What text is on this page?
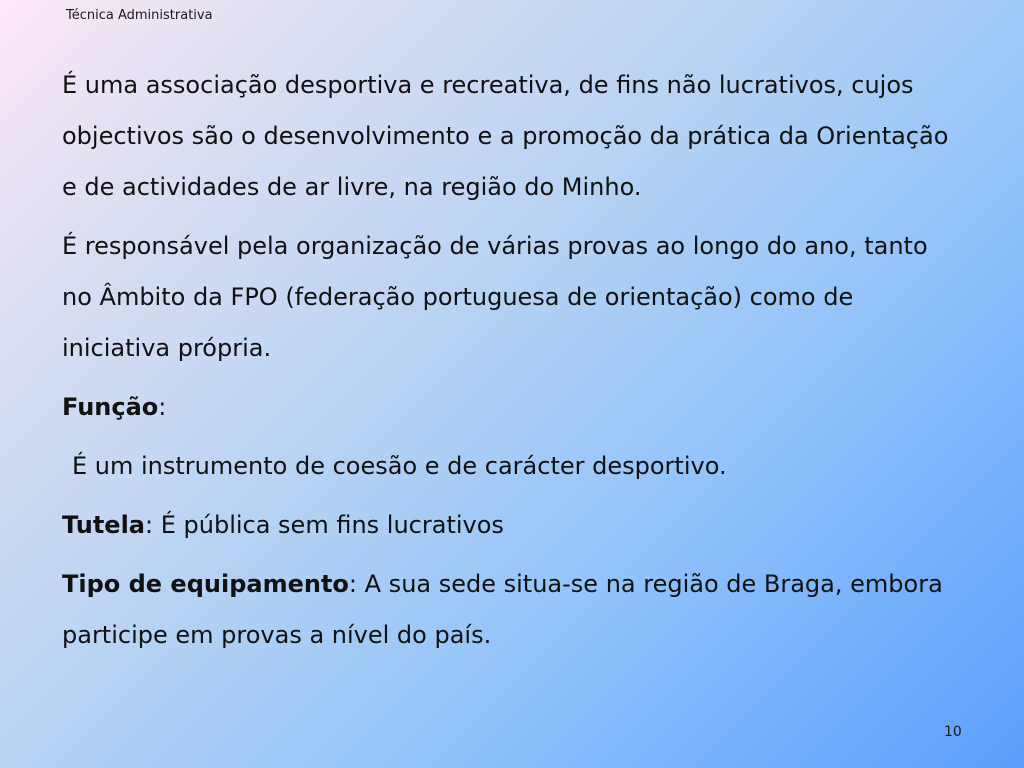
Técnica Administrativa

É uma associação desportiva e recreativa, de fins não lucrativos, cujos objectivos são o desenvolvimento e a promoção da prática da Orientação e de actividades de ar livre, na região do Minho.

É responsável pela organização de várias provas ao longo do ano, tanto no Âmbito da FPO (federação portuguesa de orientação) como de iniciativa própria.

Função:

É um instrumento de coesão e de carácter desportivo.

Tutela: É pública sem fins lucrativos

Tipo de equipamento: A sua sede situa-se na região de Braga, embora participe em provas a nível do país.

10
